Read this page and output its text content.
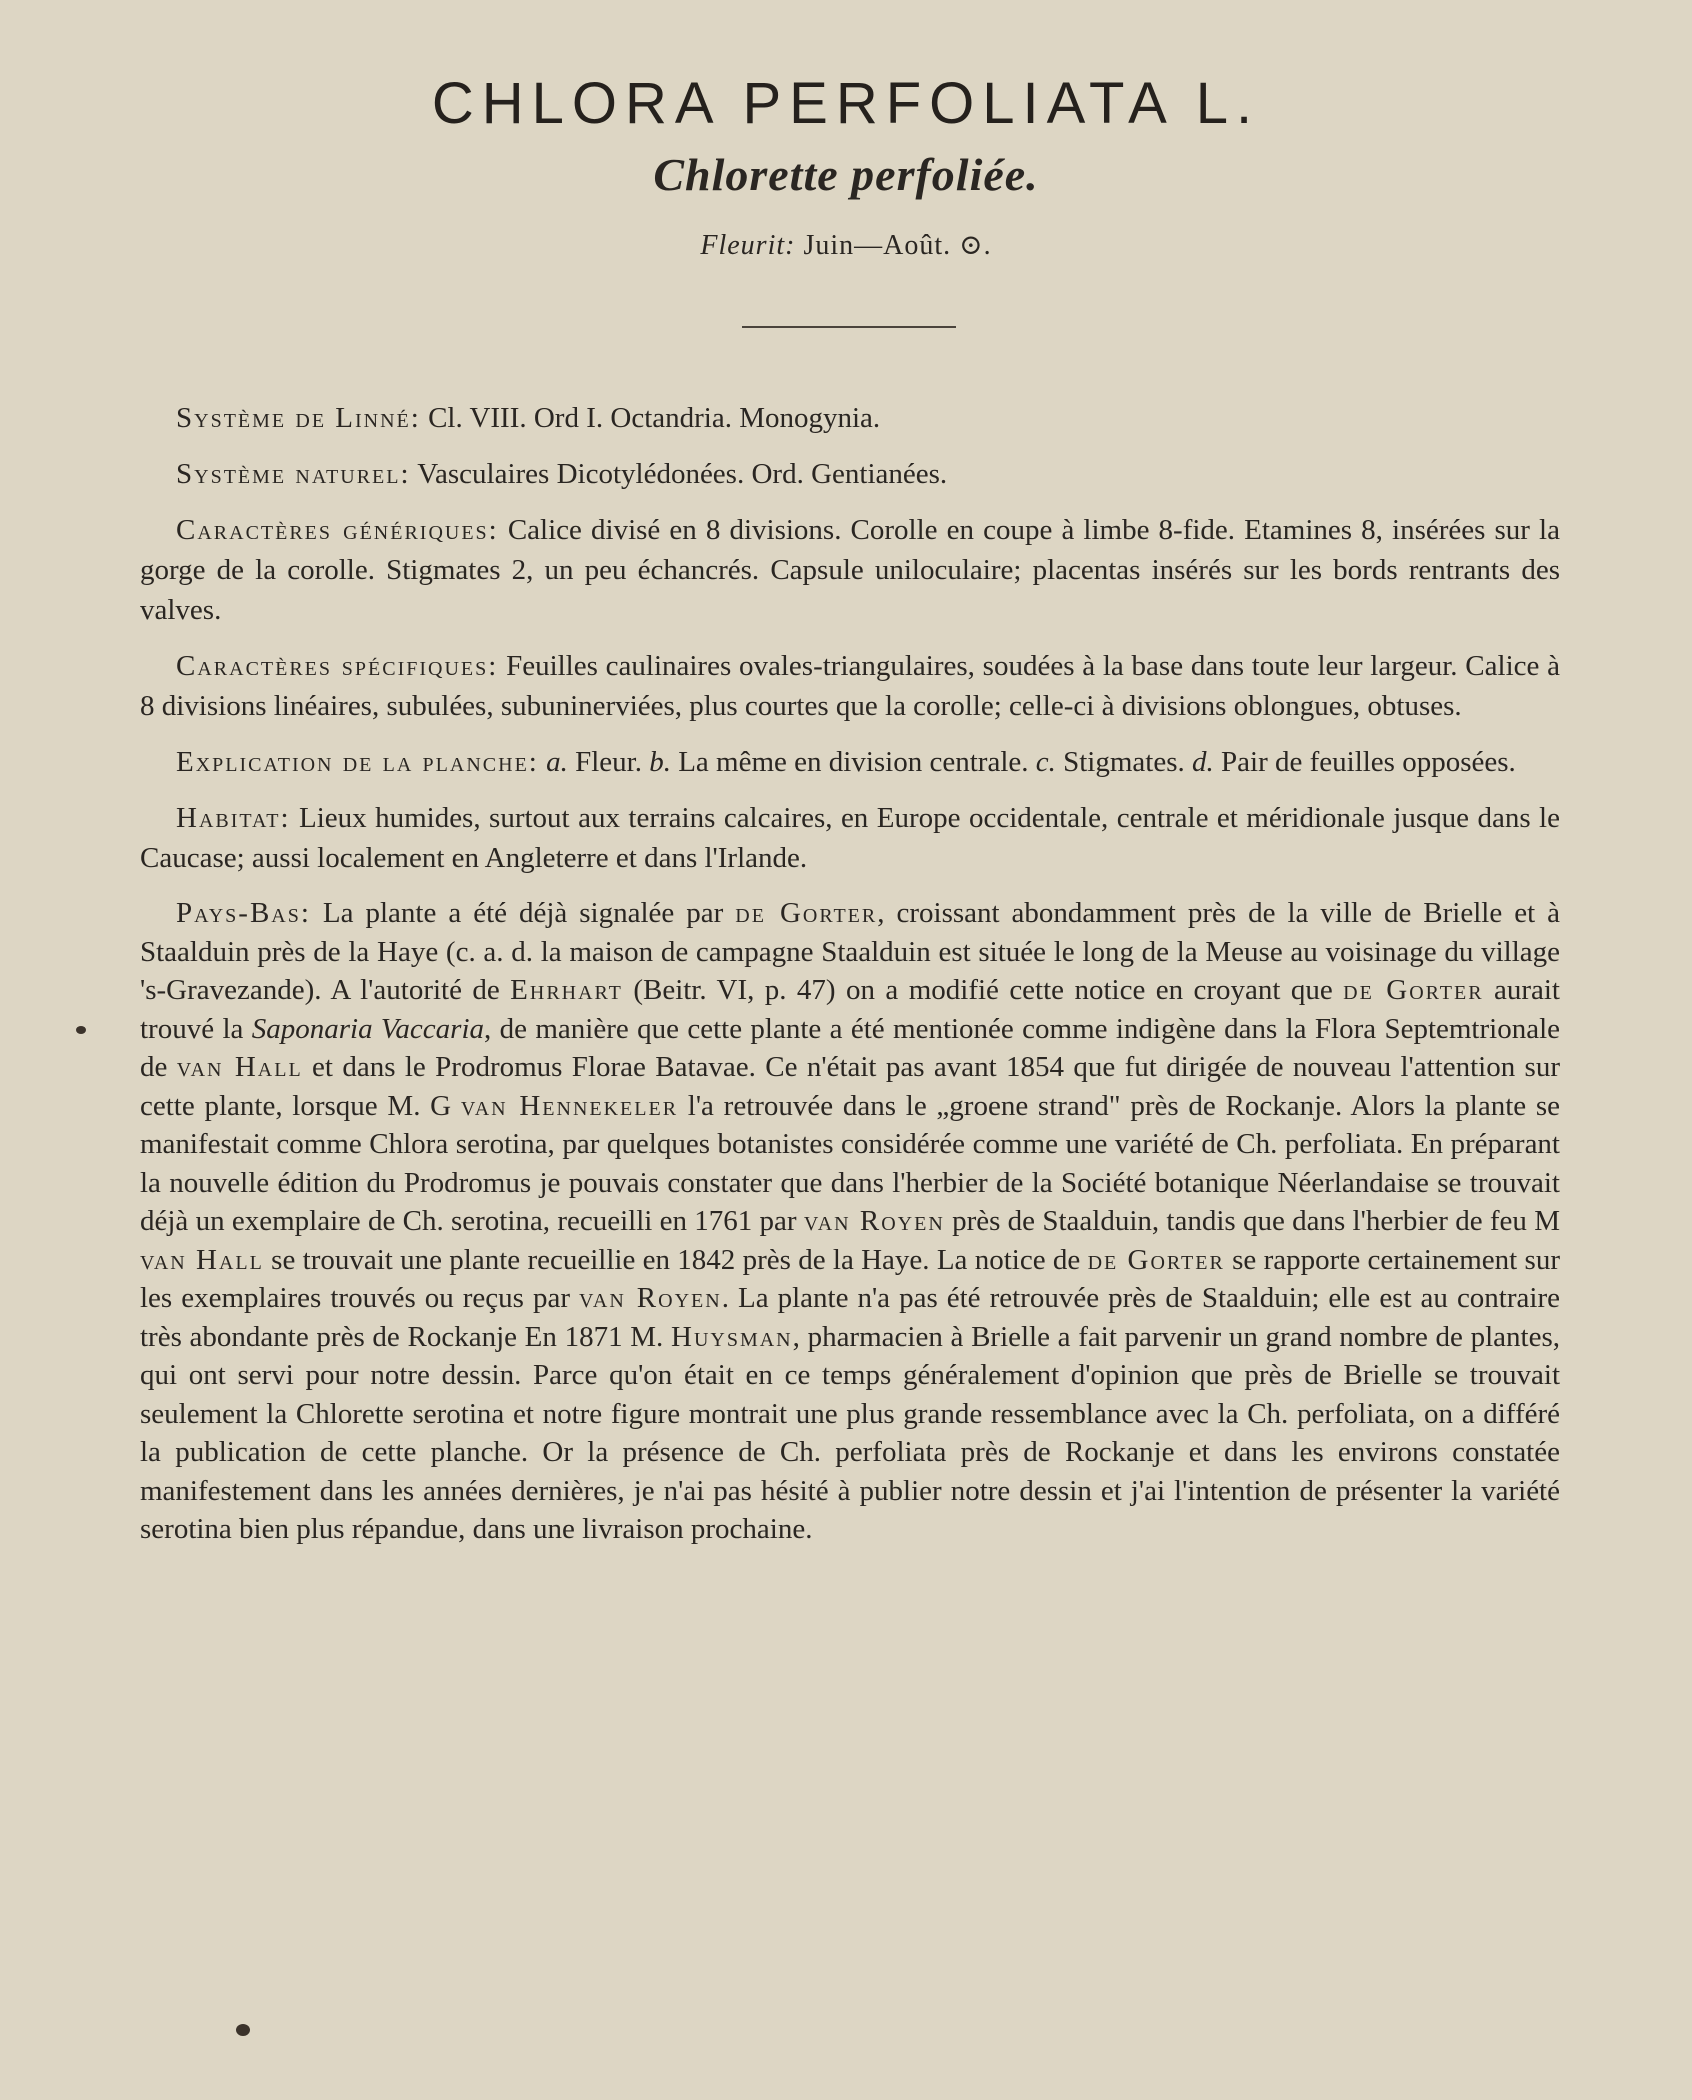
CHLORA PERFOLIATA L.
Chlorette perfoliée.
Fleurit: Juin—Août. ⊙.

Système de Linné: Cl. VIII. Ord I. Octandria. Monogynia.

Système naturel: Vasculaires Dicotylédonées. Ord. Gentianées.

Caractères génériques: Calice divisé en 8 divisions. Corolle en coupe à limbe 8-fide. Etamines 8, insérées sur la gorge de la corolle. Stigmates 2, un peu échancrés. Capsule uniloculaire; placentas insérés sur les bords rentrants des valves.

Caractères spécifiques: Feuilles caulinaires ovales-triangulaires, soudées à la base dans toute leur largeur. Calice à 8 divisions linéaires, subulées, subuninerviées, plus courtes que la corolle; celle-ci à divisions oblongues, obtuses.

Explication de la planche: a. Fleur. b. La même en division centrale. c. Stigmates. d. Pair de feuilles opposées.

Habitat: Lieux humides, surtout aux terrains calcaires, en Europe occidentale, centrale et méridionale jusque dans le Caucase; aussi localement en Angleterre et dans l'Irlande.

Pays-Bas: La plante a été déjà signalée par de Gorter, croissant abondamment près de la ville de Brielle et à Staalduin près de la Haye (c. a. d. la maison de campagne Staalduin est située le long de la Meuse au voisinage du village 's-Gravezande). A l'autorité de Ehrhart (Beitr. VI, p. 47) on a modifié cette notice en croyant que de Gorter aurait trouvé la Saponaria Vaccaria, de manière que cette plante a été mentionée comme indigène dans la Flora Septemtrionale de van Hall et dans le Prodromus Florae Batavae. Ce n'était pas avant 1854 que fut dirigée de nouveau l'attention sur cette plante, lorsque M. G van Hennekeler l'a retrouvée dans le „groene strand" près de Rockanje. Alors la plante se manifestait comme Chlora serotina, par quelques botanistes considérée comme une variété de Ch. perfoliata. En préparant la nouvelle édition du Prodromus je pouvais constater que dans l'herbier de la Société botanique Néerlandaise se trouvait déjà un exemplaire de Ch. serotina, recueilli en 1761 par van Royen près de Staalduin, tandis que dans l'herbier de feu M van Hall se trouvait une plante recueillie en 1842 près de la Haye. La notice de de Gorter se rapporte certainement sur les exemplaires trouvés ou reçus par van Royen. La plante n'a pas été retrouvée près de Staalduin; elle est au contraire très abondante près de Rockanje En 1871 M. Huysman, pharmacien à Brielle a fait parvenir un grand nombre de plantes, qui ont servi pour notre dessin. Parce qu'on était en ce temps généralement d'opinion que près de Brielle se trouvait seulement la Chlorette serotina et notre figure montrait une plus grande ressemblance avec la Ch. perfoliata, on a différé la publication de cette planche. Or la présence de Ch. perfoliata près de Rockanje et dans les environs constatée manifestement dans les années dernières, je n'ai pas hésité à publier notre dessin et j'ai l'intention de présenter la variété serotina bien plus répandue, dans une livraison prochaine.
